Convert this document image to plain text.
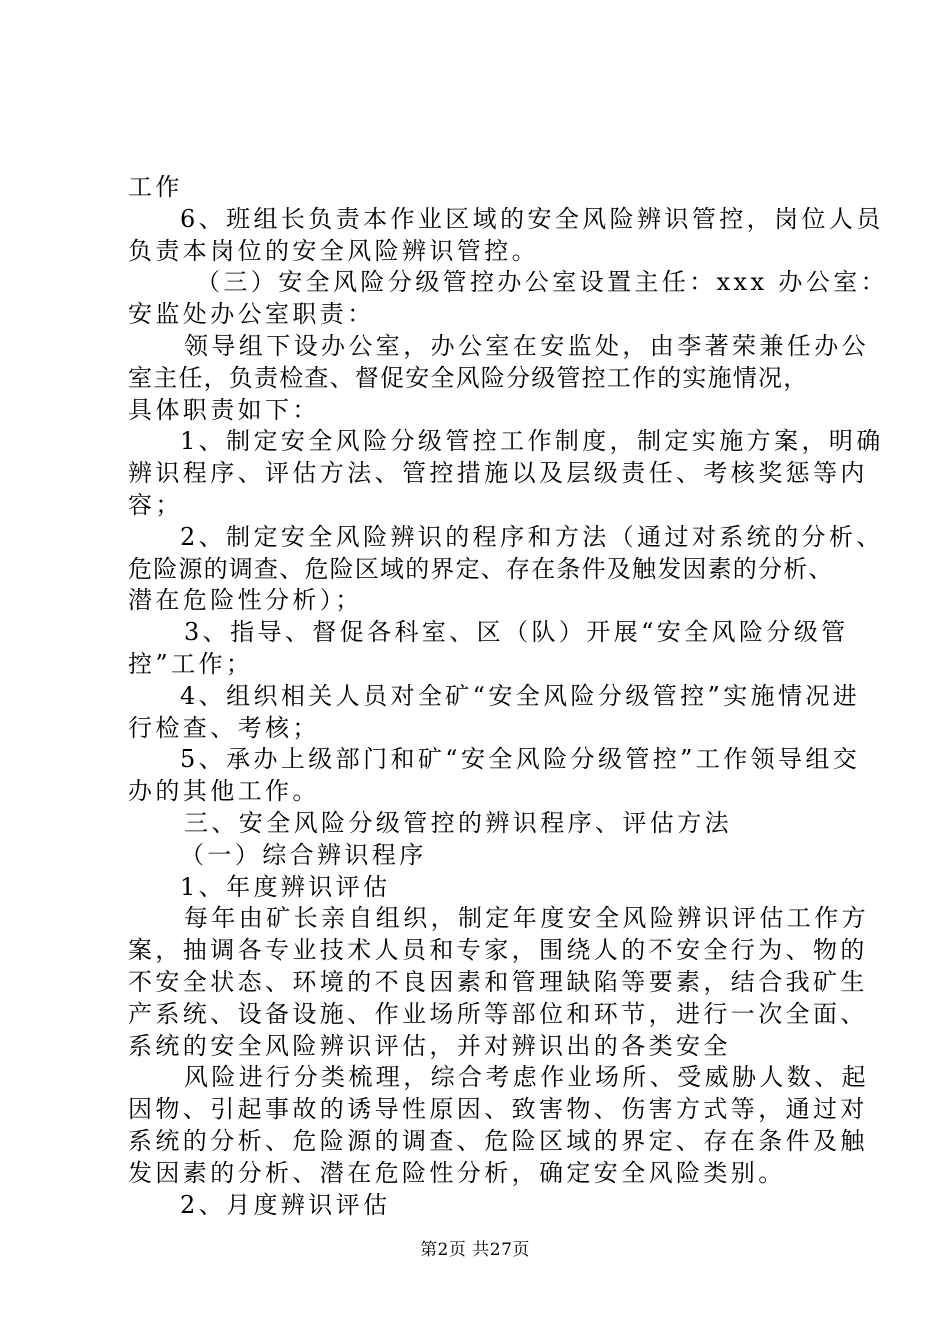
工作
6、班组长负责本作业区域的安全风险辨识管控，岗位人员
负责本岗位的安全风险辨识管控。
（三）安全风险分级管控办公室设置主任：xxx 办公室：
安监处办公室职责：
领导组下设办公室，办公室在安监处，由李著荣兼任办公
室主任，负责检查、督促安全风险分级管控工作的实施情况，
具体职责如下：
1、制定安全风险分级管控工作制度，制定实施方案，明确
辨识程序、评估方法、管控措施以及层级责任、考核奖惩等内
容；
2、制定安全风险辨识的程序和方法（通过对系统的分析、
危险源的调查、危险区域的界定、存在条件及触发因素的分析、
潜在危险性分析）；
3、指导、督促各科室、区（队）开展“安全风险分级管
控”工作；
4、组织相关人员对全矿“安全风险分级管控”实施情况进
行检查、考核；
5、承办上级部门和矿“安全风险分级管控”工作领导组交
办的其他工作。
三、安全风险分级管控的辨识程序、评估方法
（一）综合辨识程序
1、年度辨识评估
每年由矿长亲自组织，制定年度安全风险辨识评估工作方
案，抽调各专业技术人员和专家，围绕人的不安全行为、物的
不安全状态、环境的不良因素和管理缺陷等要素，结合我矿生
产系统、设备设施、作业场所等部位和环节，进行一次全面、
系统的安全风险辨识评估，并对辨识出的各类安全
风险进行分类梳理，综合考虑作业场所、受威胁人数、起
因物、引起事故的诱导性原因、致害物、伤害方式等，通过对
系统的分析、危险源的调查、危险区域的界定、存在条件及触
发因素的分析、潜在危险性分析，确定安全风险类别。
2、月度辨识评估
第2页 共27页
